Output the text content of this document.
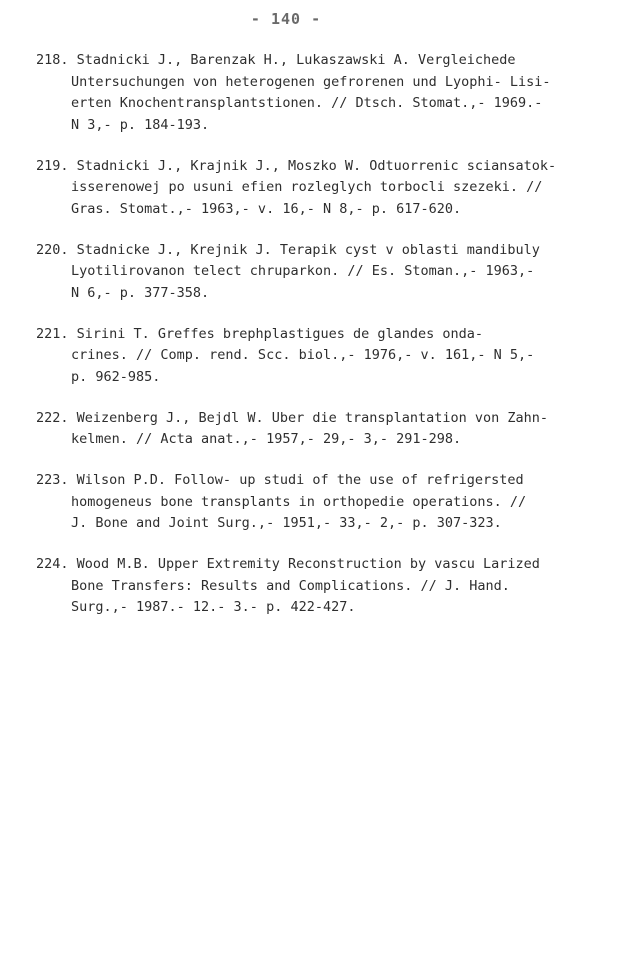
- 140 -
218. Stadnicki J., Barenzak H., Lukaszawski A. Vergleichede
Untersuchungen von heterogenen gefrorenen und Lyophi- Lisi-
erten Knochentransplantstionen. // Dtsch. Stomat.,- 1969.-
N 3,- p. 184-193.
219. Stadnicki J., Krajnik J., Moszko W. Odtuorrenic sciansatok-
isserenowej po usuni efien rozleglych torbocli szezeki. //
Gras. Stomat.,- 1963,- v. 16,- N 8,- p. 617-620.
220. Stadnicke J., Krejnik J. Terapik cyst v oblasti mandibuly
Lyotilirovanon telect chruparkon. // Es. Stoman.,- 1963,-
N 6,- p. 377-358.
221. Sirini T. Greffes brephplastigues de glandes onda-
crines. // Comp. rend. Scc. biol.,- 1976,- v. 161,- N 5,-
p. 962-985.
222. Weizenberg J., Bejdl W. Uber die transplantation von Zahn-
kelmen. // Acta anat.,- 1957,- 29,- 3,- 291-298.
223. Wilson P.D. Follow- up studi of the use of refrigersted
homogeneus bone transplants in orthopedie operations. //
J. Bone and Joint Surg.,- 1951,- 33,- 2,- p. 307-323.
224. Wood M.B. Upper Extremity Reconstruction by vascu Larized
Bone Transfers: Results and Complications. // J. Hand.
Surg.,- 1987.- 12.- 3.- p. 422-427.
